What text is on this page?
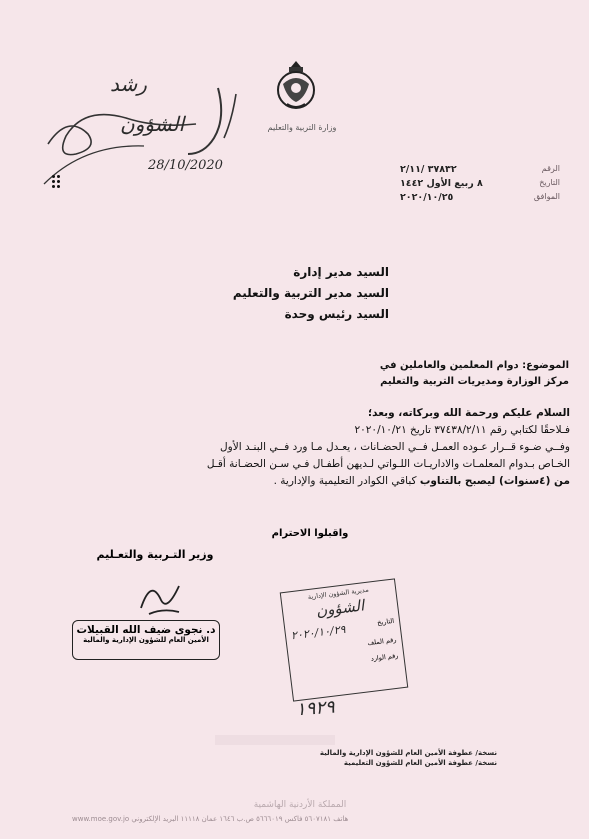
وزارة التربية والتعليم
رشد
الشؤون
28/10/2020	الرقم
٣٧٨٣٢ /٢/١١
التاريخ
٨ ربيع الأول ١٤٤٢
الموافق
٢٠٢٠/١٠/٢٥
السيد مدير إدارة
السيد مدير التربية والتعليم
السيد رئيس وحدة
الموضوع: دوام المعلمين والعاملين في
مركز الوزارة ومديريات التربية والتعليم
السلام عليكم ورحمة الله وبركاته، وبعد؛
فـلاحقًا لكتابي رقم ٣٧٤٣٨/٢/١١ تاريخ ٢٠٢٠/١٠/٢١
وفــي ضـوء قــرار عـوده العمـل فــي الحضـانات ، يعـدل مـا ورد فــي البنـد الأول
الخـاص بـدوام المعلمـات والاداريـات اللـواتي لـديهن أطفـال فـي سـن الحضـانة أقـل
من (٤سنوات) ليصبح بالتناوب كباقي الكوادر التعليمية والإدارية .
واقبلوا الاحترام
وزير التـربية والتعـليم
د. نجوى ضيف الله القبيلات
الأمين العام للشؤون الإدارية والمالية
مديرية الشؤون الإدارية
الشؤون
التاريخ
٢٠٢٠/١٠/٢٩	رقم الملف
رقم الوارد
١٩٢٩
نسخة/ عطوفة الأمين العام للشؤون الإدارية والمالية
نسخة/ عطوفة الأمين العام للشؤون التعليمية
المملكة الأردنية الهاشمية
www.moe.gov.jo هاتف ٥٦٠٧١٨١ فاكس ٥٦٦٦٠١٩ ص.ب ١٦٤٦ عمان ١١١١٨ البريد الإلكتروني
